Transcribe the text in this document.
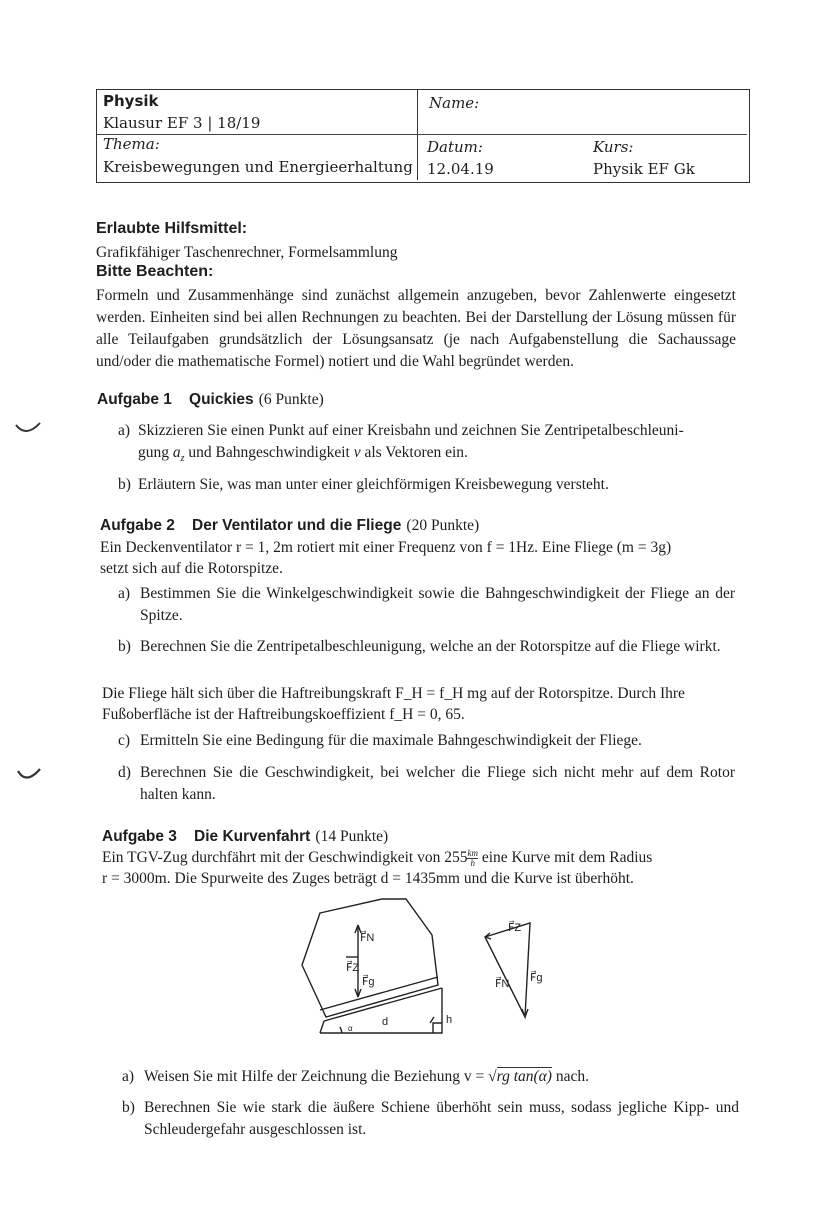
Physik
Klausur EF 3 | 18/19
Name:
Thema:
Kreisbewegungen und Energieerhaltung
Datum:
12.04.19
Kurs:
Physik EF Gk
Erlaubte Hilfsmittel:
Grafikfähiger Taschenrechner, Formelsammlung
Bitte Beachten:
Formeln und Zusammenhänge sind zunächst allgemein anzugeben, bevor Zahlenwerte eingesetzt werden. Einheiten sind bei allen Rechnungen zu beachten. Bei der Darstellung der Lösung müssen für alle Teilaufgaben grundsätzlich der Lösungsansatz (je nach Aufgabenstellung die Sachaussage und/oder die mathematische Formel) notiert und die Wahl begründet werden.
Aufgabe 1 Quickies (6 Punkte)
a) Skizzieren Sie einen Punkt auf einer Kreisbahn und zeichnen Sie Zentripetalbeschleuni-
gung $a_z$ und Bahngeschwindigkeit v als Vektoren ein.
b) Erläutern Sie, was man unter einer gleichförmigen Kreisbewegung versteht.
Aufgabe 2 Der Ventilator und die Fliege (20 Punkte)
Ein Deckenventilator r = 1, 2m rotiert mit einer Frequenz von f = 1Hz. Eine Fliege (m = 3g)
setzt sich auf die Rotorspitze.
a) Bestimmen Sie die Winkelgeschwindigkeit sowie die Bahngeschwindigkeit der Fliege an der Spitze.
b) Berechnen Sie die Zentripetalbeschleunigung, welche an der Rotorspitze auf die Fliege wirkt.
Die Fliege hält sich über die Haftreibungskraft F_H = f_H mg auf der Rotorspitze. Durch Ihre
Fußoberfläche ist der Haftreibungskoeffizient f_H = 0, 65.
c) Ermitteln Sie eine Bedingung für die maximale Bahngeschwindigkeit der Fliege.
d) Berechnen Sie die Geschwindigkeit, bei welcher die Fliege sich nicht mehr auf dem Rotor halten kann.
Aufgabe 3 Die Kurvenfahrt (14 Punkte)
Ein TGV-Zug durchfährt mit der Geschwindigkeit von $255 \frac{km}{h}$ eine Kurve mit dem Radius
r = 3000m. Die Spurweite des Zuges beträgt d = 1435mm und die Kurve ist überhöht.
F⃗N
F⃗Z
F⃗g
d	h
α
F⃗Z
F⃗N F⃗g
a) Weisen Sie mit Hilfe der Zeichnung die Beziehung v = √rg tan(α) nach.
b) Berechnen Sie wie stark die äußere Schiene überhöht sein muss, sodass jegliche Kipp- und Schleudergefahr ausgeschlossen ist.
